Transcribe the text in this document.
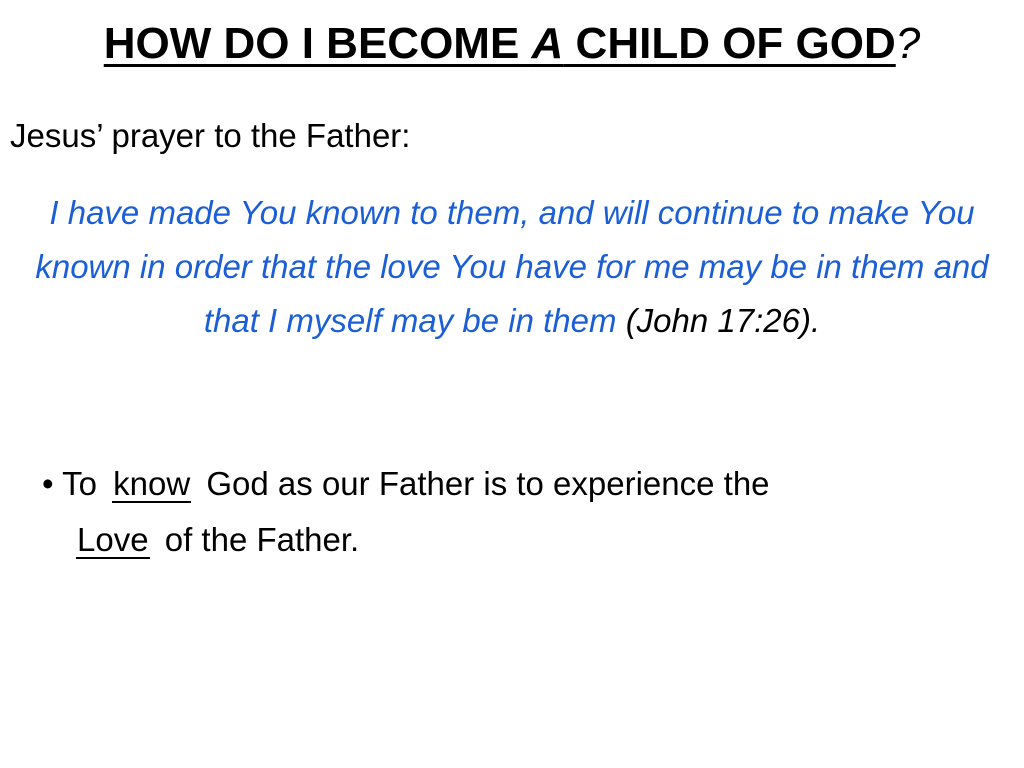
HOW DO I BECOME A CHILD OF GOD?
Jesus’ prayer to the Father:
I have made You known to them, and will continue to make You known in order that the love You have for me may be in them and that I myself may be in them (John 17:26).
• To know God as our Father is to experience the
Love of the Father.
